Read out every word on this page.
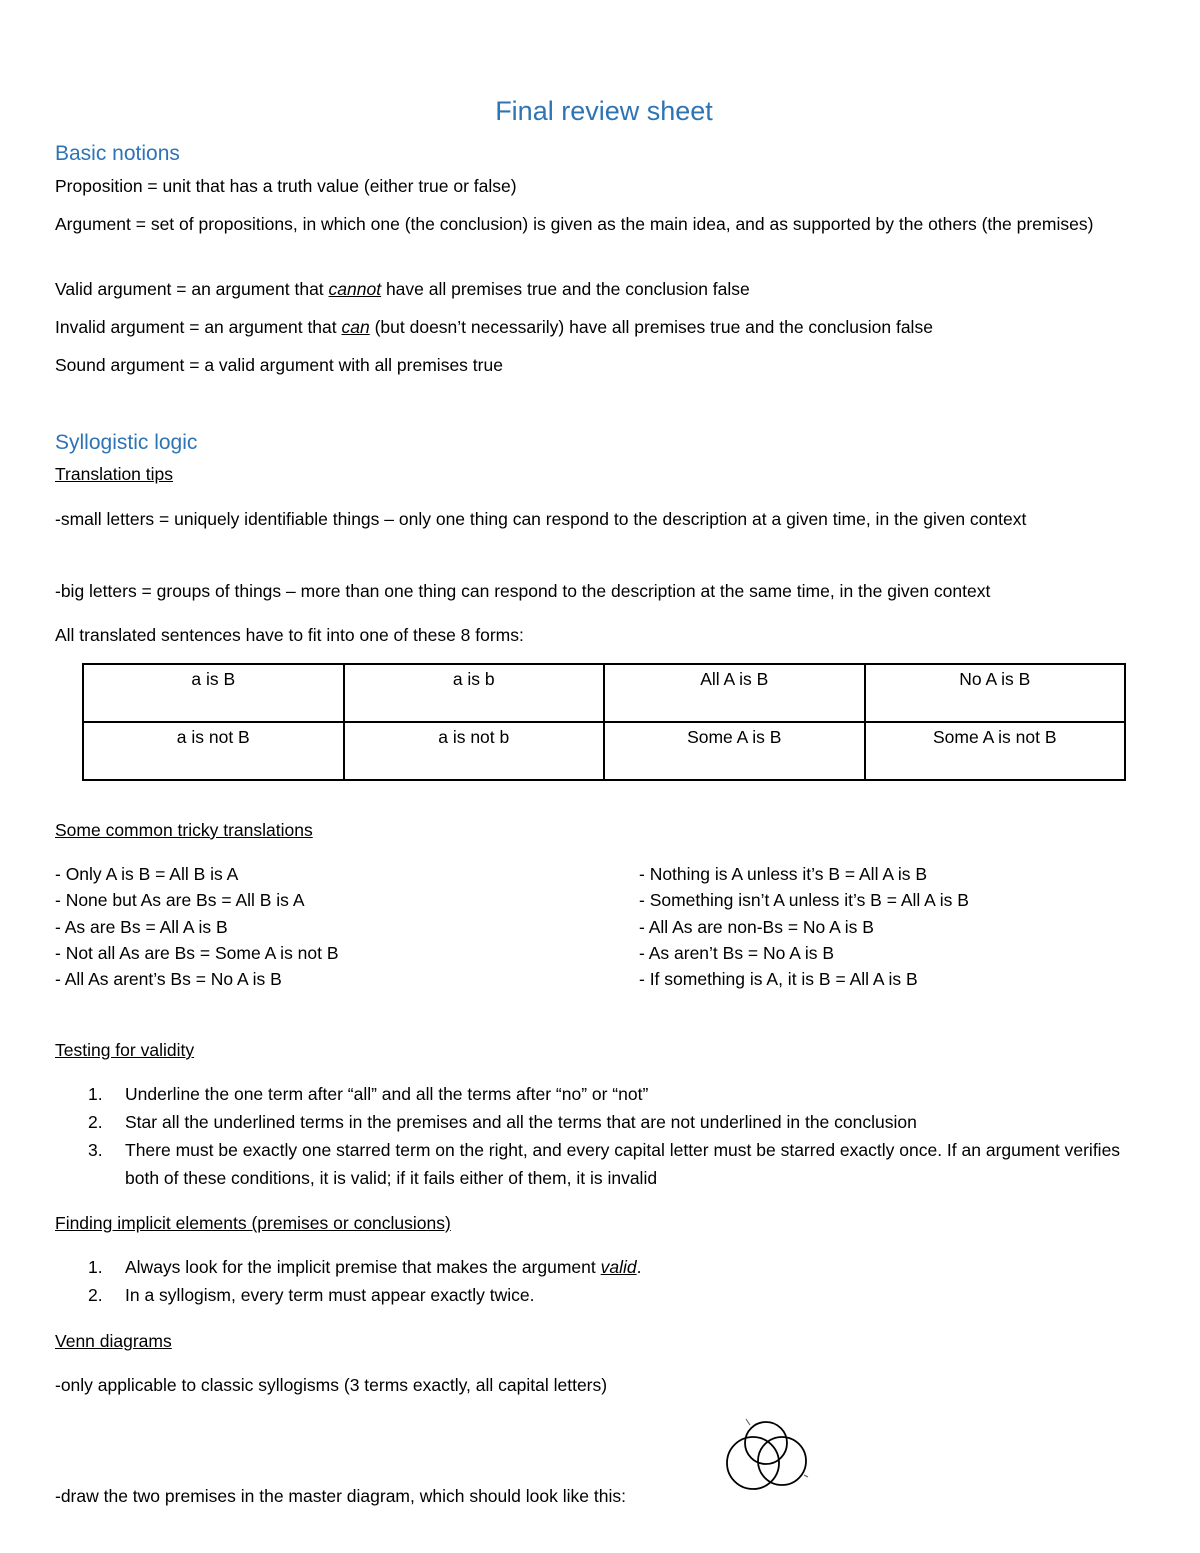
Final review sheet
Basic notions
Proposition = unit that has a truth value (either true or false)
Argument = set of propositions, in which one (the conclusion) is given as the main idea, and as supported by the others (the premises)
Valid argument = an argument that cannot have all premises true and the conclusion false
Invalid argument = an argument that can (but doesn’t necessarily) have all premises true and the conclusion false
Sound argument = a valid argument with all premises true
Syllogistic logic
Translation tips
-small letters = uniquely identifiable things – only one thing can respond to the description at a given time, in the given context
-big letters = groups of things – more than one thing can respond to the description at the same time, in the given context
All translated sentences have to fit into one of these 8 forms:
a is B	a is b	All A is B	No A is B
a is not B	a is not b	Some A is B	Some A is not B
Some common tricky translations
- Only A is B = All B is A
- None but As are Bs = All B is A
- As are Bs = All A is B
- Not all As are Bs = Some A is not B
- All As arent’s Bs = No A is B
- Nothing is A unless it’s B = All A is B
- Something isn’t A unless it’s B = All A is B
- All As are non-Bs = No A is B
- As aren’t Bs = No A is B
- If something is A, it is B = All A is B
Testing for validity
1.	Underline the one term after “all” and all the terms after “no” or “not”
2.	Star all the underlined terms in the premises and all the terms that are not underlined in the conclusion
3.	There must be exactly one starred term on the right, and every capital letter must be starred exactly once. If an argument verifies both of these conditions, it is valid; if it fails either of them, it is invalid
Finding implicit elements (premises or conclusions)
1.	Always look for the implicit premise that makes the argument valid.
2.	In a syllogism, every term must appear exactly twice.
Venn diagrams
-only applicable to classic syllogisms (3 terms exactly, all capital letters)
-draw the two premises in the master diagram, which should look like this:
